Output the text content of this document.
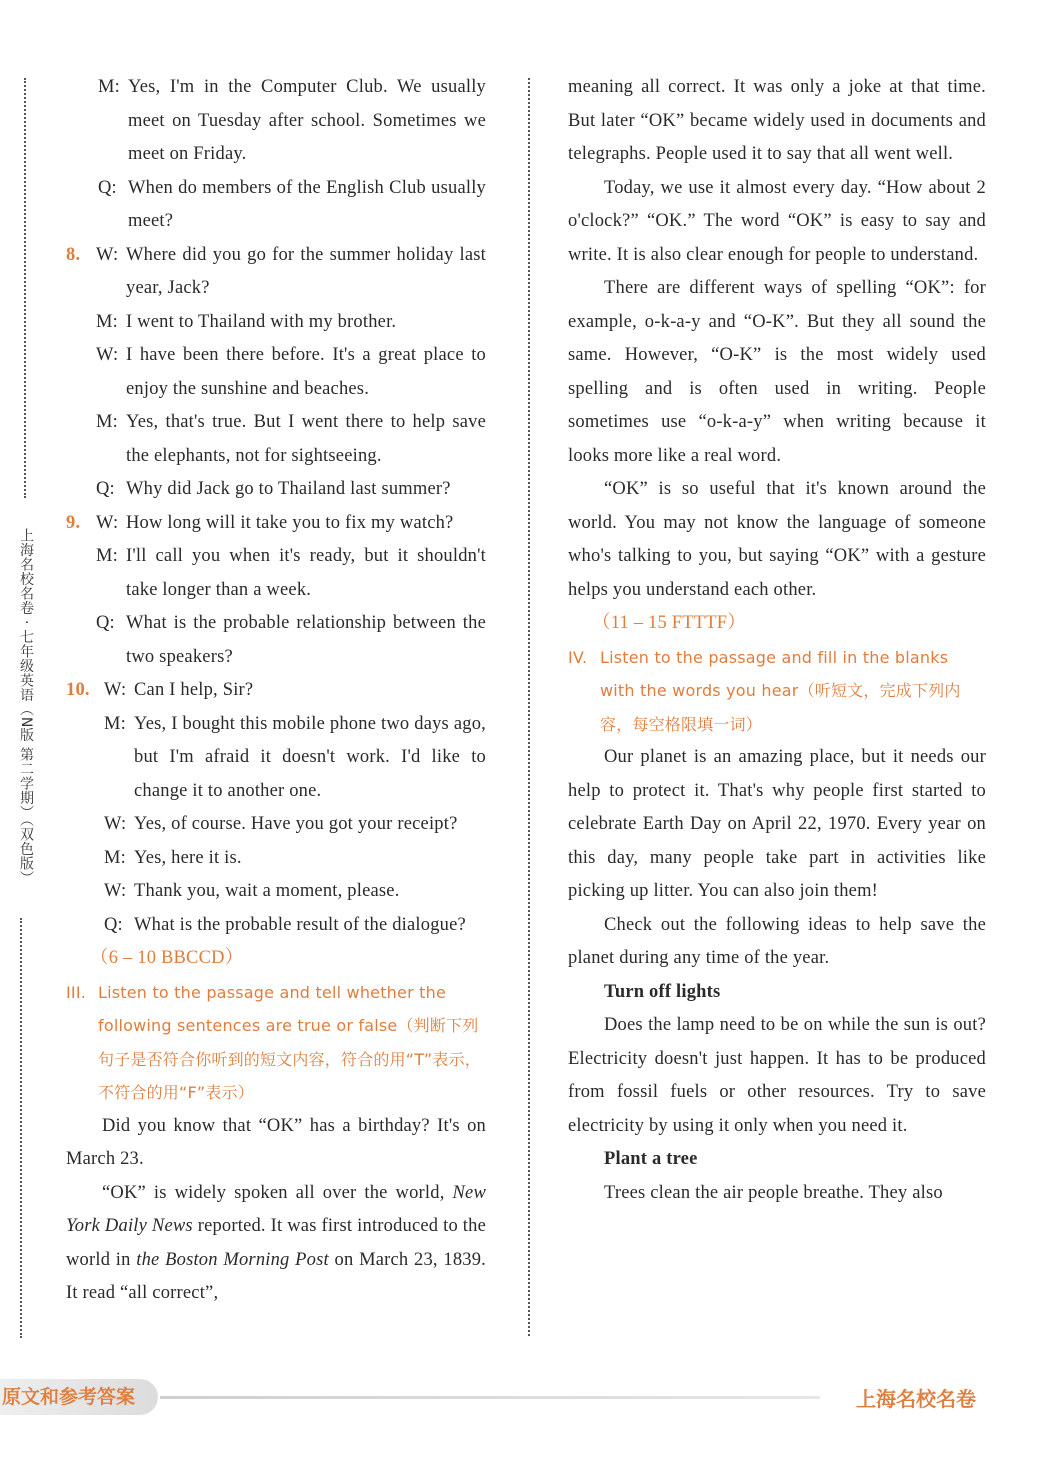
上海名校名卷 · 七年级英语（N版 第二学期）（双色版）
M: Yes, I'm in the Computer Club. We usually meet on Tuesday after school. Sometimes we meet on Friday.
Q: When do members of the English Club usually meet?
8. W: Where did you go for the summer holiday last year, Jack?
M: I went to Thailand with my brother.
W: I have been there before. It's a great place to enjoy the sunshine and beaches.
M: Yes, that's true. But I went there to help save the elephants, not for sightseeing.
Q: Why did Jack go to Thailand last summer?
9. W: How long will it take you to fix my watch?
M: I'll call you when it's ready, but it shouldn't take longer than a week.
Q: What is the probable relationship between the two speakers?
10. W: Can I help, Sir?
M: Yes, I bought this mobile phone two days ago, but I'm afraid it doesn't work. I'd like to change it to another one.
W: Yes, of course. Have you got your receipt?
M: Yes, here it is.
W: Thank you, wait a moment, please.
Q: What is the probable result of the dialogue?
（6 – 10 BBCCD）
III. Listen to the passage and tell whether the following sentences are true or false（判断下列句子是否符合你听到的短文内容，符合的用“T”表示，不符合的用“F”表示）
Did you know that “OK” has a birthday? It's on March 23.
“OK” is widely spoken all over the world, New York Daily News reported. It was first introduced to the world in the Boston Morning Post on March 23, 1839. It read “all correct”,
meaning all correct. It was only a joke at that time. But later “OK” became widely used in documents and telegraphs. People used it to say that all went well.
Today, we use it almost every day. “How about 2 o'clock?” “OK.” The word “OK” is easy to say and write. It is also clear enough for people to understand.
There are different ways of spelling “OK”: for example, o-k-a-y and “O-K”. But they all sound the same. However, “O-K” is the most widely used spelling and is often used in writing. People sometimes use “o-k-a-y” when writing because it looks more like a real word.
“OK” is so useful that it's known around the world. You may not know the language of someone who's talking to you, but saying “OK” with a gesture helps you understand each other.
（11 – 15 FTTTF）
IV. Listen to the passage and fill in the blanks with the words you hear（听短文，完成下列内容，每空格限填一词）
Our planet is an amazing place, but it needs our help to protect it. That's why people first started to celebrate Earth Day on April 22, 1970. Every year on this day, many people take part in activities like picking up litter. You can also join them!
Check out the following ideas to help save the planet during any time of the year.
Turn off lights
Does the lamp need to be on while the sun is out? Electricity doesn't just happen. It has to be produced from fossil fuels or other resources. Try to save electricity by using it only when you need it.
Plant a tree
Trees clean the air people breathe. They also
原文和参考答案	上海名校名卷
